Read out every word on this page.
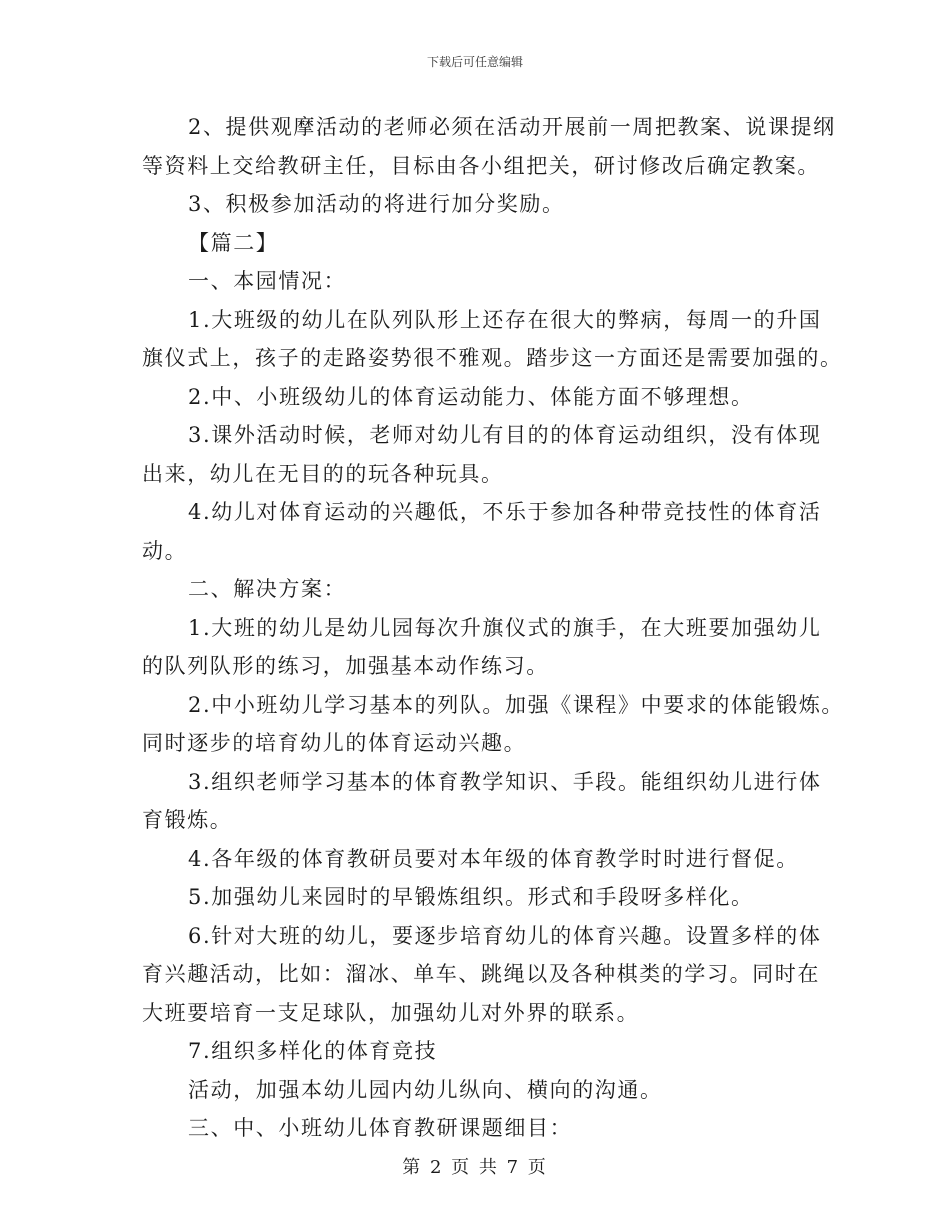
下载后可任意编辑

2、提供观摩活动的老师必须在活动开展前一周把教案、说课提纲
等资料上交给教研主任，目标由各小组把关，研讨修改后确定教案。

3、积极参加活动的将进行加分奖励。

【篇二】

一、本园情况：

1.大班级的幼儿在队列队形上还存在很大的弊病，每周一的升国
旗仪式上，孩子的走路姿势很不雅观。踏步这一方面还是需要加强的。

2.中、小班级幼儿的体育运动能力、体能方面不够理想。

3.课外活动时候，老师对幼儿有目的的体育运动组织，没有体现
出来，幼儿在无目的的玩各种玩具。

4.幼儿对体育运动的兴趣低，不乐于参加各种带竞技性的体育活
动。

二、解决方案：

1.大班的幼儿是幼儿园每次升旗仪式的旗手，在大班要加强幼儿
的队列队形的练习，加强基本动作练习。

2.中小班幼儿学习基本的列队。加强《课程》中要求的体能锻炼。
同时逐步的培育幼儿的体育运动兴趣。

3.组织老师学习基本的体育教学知识、手段。能组织幼儿进行体
育锻炼。

4.各年级的体育教研员要对本年级的体育教学时时进行督促。

5.加强幼儿来园时的早锻炼组织。形式和手段呀多样化。

6.针对大班的幼儿，要逐步培育幼儿的体育兴趣。设置多样的体
育兴趣活动，比如：溜冰、单车、跳绳以及各种棋类的学习。同时在
大班要培育一支足球队，加强幼儿对外界的联系。

7.组织多样化的体育竞技

活动，加强本幼儿园内幼儿纵向、横向的沟通。

三、中、小班幼儿体育教研课题细目：

第 2 页 共 7 页
